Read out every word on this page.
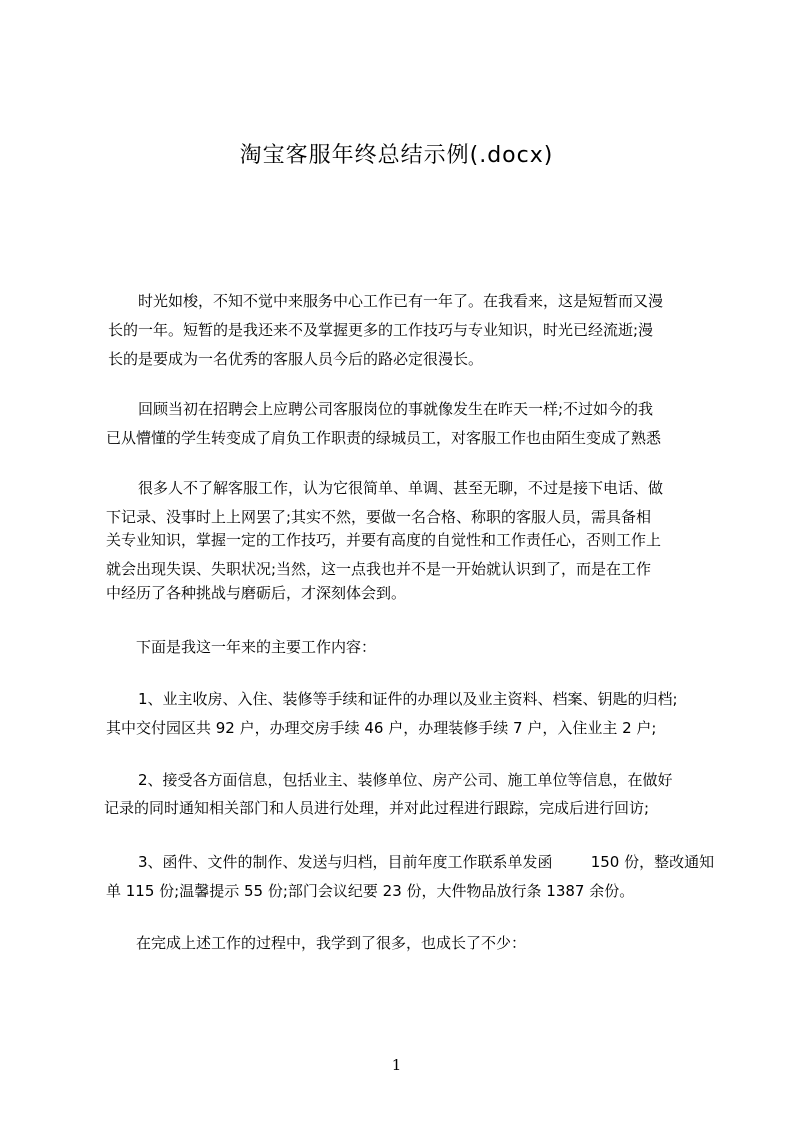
淘宝客服年终总结示例(.docx)
时光如梭，不知不觉中来服务中心工作已有一年了。在我看来，这是短暂而又漫
长的一年。短暂的是我还来不及掌握更多的工作技巧与专业知识，时光已经流逝;漫
长的是要成为一名优秀的客服人员今后的路必定很漫长。
回顾当初在招聘会上应聘公司客服岗位的事就像发生在昨天一样;不过如今的我
已从懵懂的学生转变成了肩负工作职责的绿城员工，对客服工作也由陌生变成了熟悉
很多人不了解客服工作，认为它很简单、单调、甚至无聊，不过是接下电话、做
下记录、没事时上上网罢了;其实不然，要做一名合格、称职的客服人员，需具备相
关专业知识，掌握一定的工作技巧，并要有高度的自觉性和工作责任心，否则工作上
就会出现失误、失职状况;当然，这一点我也并不是一开始就认识到了，而是在工作
中经历了各种挑战与磨砺后，才深刻体会到。
下面是我这一年来的主要工作内容：
1、业主收房、入住、装修等手续和证件的办理以及业主资料、档案、钥匙的归档;
其中交付园区共 92 户，办理交房手续 46 户，办理装修手续 7 户，入住业主 2 户;
2、接受各方面信息，包括业主、装修单位、房产公司、施工单位等信息，在做好
记录的同时通知相关部门和人员进行处理，并对此过程进行跟踪，完成后进行回访;
3、函件、文件的制作、发送与归档，目前年度工作联系单发函        150 份，整改通知
单 115 份;温馨提示 55 份;部门会议纪要 23 份，大件物品放行条 1387 余份。
在完成上述工作的过程中，我学到了很多，也成长了不少：
1
